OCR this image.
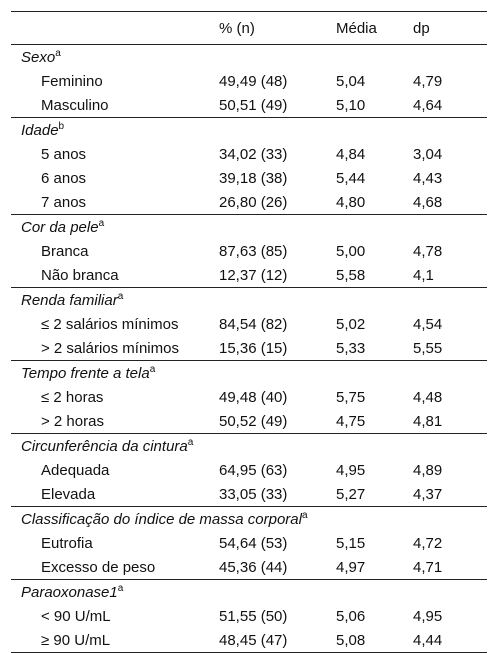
	% (n)	Média	dp
Sexo$^a$
Feminino	49,49 (48)	5,04	4,79
Masculino	50,51 (49)	5,10	4,64
Idade$^b$
5 anos	34,02 (33)	4,84	3,04
6 anos	39,18 (38)	5,44	4,43
7 anos	26,80 (26)	4,80	4,68
Cor da pele$^a$
Branca	87,63 (85)	5,00	4,78
Não branca	12,37 (12)	5,58	4,1
Renda familiar$^a$
≤ 2 salários mínimos	84,54 (82)	5,02	4,54
> 2 salários mínimos	15,36 (15)	5,33	5,55
Tempo frente a tela$^a$
≤ 2 horas	49,48 (40)	5,75	4,48
> 2 horas	50,52 (49)	4,75	4,81
Circunferência da cintura$^a$
Adequada	64,95 (63)	4,95	4,89
Elevada	33,05 (33)	5,27	4,37
Classificação do índice de massa corporal$^a$
Eutrofia	54,64 (53)	5,15	4,72
Excesso de peso	45,36 (44)	4,97	4,71
$Paraoxonase1^a$
< 90 U/mL	51,55 (50)	5,06	4,95
≥ 90 U/mL	48,45 (47)	5,08	4,44
